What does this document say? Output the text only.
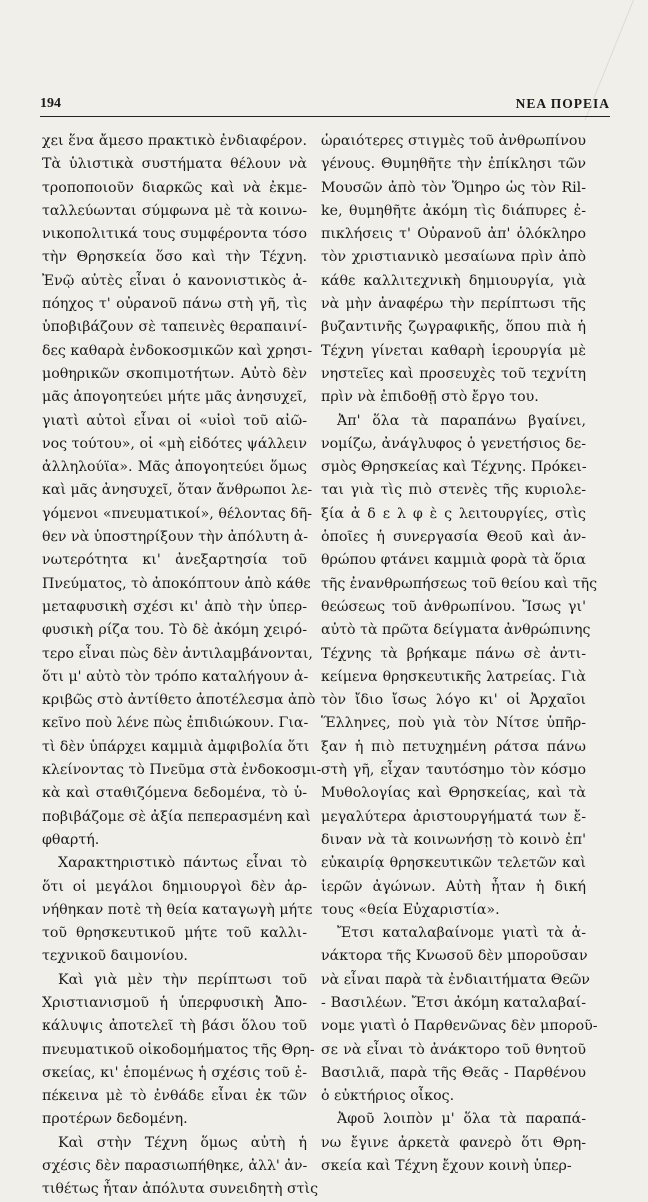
194	ΝΕΑ ΠΟΡΕΙΑ

χει ἕνα ἄμεσο πρακτικὸ ἐνδιαφέρον.
Τὰ ὑλιστικὰ συστήματα θέλουν νὰ
τροποποιοῦν διαρκῶς καὶ νὰ ἐκμε-
ταλλεύωνται σύμφωνα μὲ τὰ κοινω-
νικοπολιτικά τους συμφέροντα τόσο
τὴν Θρησκεία ὅσο καὶ τὴν Τέχνη.
Ἐνῷ αὐτὲς εἶναι ὁ κανονιστικὸς ἀ-
πόηχος τ' οὐρανοῦ πάνω στὴ γῆ, τὶς
ὑποβιβάζουν σὲ ταπεινὲς θεραπαινί-
δες καθαρὰ ἐνδοκοσμικῶν καὶ χρησι-
μοθηρικῶν σκοπιμοτήτων. Αὐτὸ δὲν
μᾶς ἀπογοητεύει μήτε μᾶς ἀνησυχεῖ,
γιατὶ αὐτοὶ εἶναι οἱ «υἱοὶ τοῦ αἰῶ-
νος τούτου», οἱ «μὴ εἰδότες ψάλλειν
ἀλληλούϊα». Μᾶς ἀπογοητεύει ὅμως
καὶ μᾶς ἀνησυχεῖ, ὅταν ἄνθρωποι λε-
γόμενοι «πνευματικοί», θέλοντας δῆ-
θεν νὰ ὑποστηρίξουν τὴν ἀπόλυτη ἀ-
νωτερότητα κι' ἀνεξαρτησία τοῦ
Πνεύματος, τὸ ἀποκόπτουν ἀπὸ κάθε
μεταφυσικὴ σχέσι κι' ἀπὸ τὴν ὑπερ-
φυσικὴ ρίζα του. Τὸ δὲ ἀκόμη χειρό-
τερο εἶναι πὼς δὲν ἀντιλαμβάνονται,
ὅτι μ' αὐτὸ τὸν τρόπο καταλήγουν ἀ-
κριβῶς στὸ ἀντίθετο ἀποτέλεσμα ἀπὸ
κεῖνο ποὺ λένε πὼς ἐπιδιώκουν. Για-
τὶ δὲν ὑπάρχει καμμιὰ ἀμφιβολία ὅτι
κλείνοντας τὸ Πνεῦμα στὰ ἐνδοκοσμι-
κὰ καὶ σταθιζόμενα δεδομένα, τὸ ὑ-
ποβιβάζομε σὲ ἀξία πεπερασμένη καὶ
φθαρτή.

Χαρακτηριστικὸ πάντως εἶναι τὸ
ὅτι οἱ μεγάλοι δημιουργοὶ δὲν ἀρ-
νήθηκαν ποτὲ τὴ θεία καταγωγὴ μήτε
τοῦ θρησκευτικοῦ μήτε τοῦ καλλι-
τεχνικοῦ δαιμονίου.

Καὶ γιὰ μὲν τὴν περίπτωσι τοῦ
Χριστιανισμοῦ ἡ ὑπερφυσικὴ Ἀπο-
κάλυψις ἀποτελεῖ τὴ βάσι ὅλου τοῦ
πνευματικοῦ οἰκοδομήματος τῆς Θρη-
σκείας, κι' ἑπομένως ἡ σχέσις τοῦ ἐ-
πέκεινα μὲ τὸ ἐνθάδε εἶναι ἐκ τῶν
προτέρων δεδομένη.

Καὶ στὴν Τέχνη ὅμως αὐτὴ ἡ
σχέσις δὲν παρασιωπήθηκε, ἀλλ' ἀν-
τιθέτως ἦταν ἀπόλυτα συνειδητὴ στὶς

ὡραιότερες στιγμὲς τοῦ ἀνθρωπίνου
γένους. Θυμηθῆτε τὴν ἐπίκλησι τῶν
Μουσῶν ἀπὸ τὸν Ὅμηρο ὡς τὸν Ril-
ke, θυμηθῆτε ἀκόμη τὶς διάπυρες ἐ-
πικλήσεις τ' Οὐρανοῦ ἀπ' ὁλόκληρο
τὸν χριστιανικὸ μεσαίωνα πρὶν ἀπὸ
κάθε καλλιτεχνικὴ δημιουργία, γιὰ
νὰ μὴν ἀναφέρω τὴν περίπτωσι τῆς
βυζαντινῆς ζωγραφικῆς, ὅπου πιὰ ἡ
Τέχνη γίνεται καθαρὴ ἱερουργία μὲ
νηστεῖες καὶ προσευχὲς τοῦ τεχνίτη
πρὶν νὰ ἐπιδοθῇ στὸ ἔργο του.

Ἀπ' ὅλα τὰ παραπάνω βγαίνει,
νομίζω, ἀνάγλυφος ὁ γενετήσιος δε-
σμὸς Θρησκείας καὶ Τέχνης. Πρόκει-
ται γιὰ τὶς πιὸ στενὲς τῆς κυριολε-
ξία ἀ δ ε λ φ ὲ ς λειτουργίες, στὶς
ὁποῖες ἡ συνεργασία Θεοῦ καὶ ἀν-
θρώπου φτάνει καμμιὰ φορὰ τὰ ὅρια
τῆς ἐνανθρωπήσεως τοῦ θείου καὶ τῆς
θεώσεως τοῦ ἀνθρωπίνου. Ἴσως γι'
αὐτὸ τὰ πρῶτα δείγματα ἀνθρώπινης
Τέχνης τὰ βρήκαμε πάνω σὲ ἀντι-
κείμενα θρησκευτικῆς λατρείας. Γιὰ
τὸν ἴδιο ἴσως λόγο κι' οἱ Ἀρχαῖοι
Ἕλληνες, ποὺ γιὰ τὸν Νίτσε ὑπῆρ-
ξαν ἡ πιὸ πετυχημένη ράτσα πάνω
στὴ γῆ, εἶχαν ταυτόσημο τὸν κόσμο
Μυθολογίας καὶ Θρησκείας, καὶ τὰ
μεγαλύτερα ἀριστουργήματά των ἔ-
διναν νὰ τὰ κοινωνήσῃ τὸ κοινὸ ἐπ'
εὐκαιρίᾳ θρησκευτικῶν τελετῶν καὶ
ἱερῶν ἀγώνων. Αὐτὴ ἦταν ἡ δική
τους «θεία Εὐχαριστία».

Ἔτσι καταλαβαίνομε γιατὶ τὰ ἀ-
νάκτορα τῆς Κνωσοῦ δὲν μποροῦσαν
νὰ εἶναι παρὰ τὰ ἐνδιαιτήματα Θεῶν
- Βασιλέων. Ἔτσι ἀκόμη καταλαβαί-
νομε γιατὶ ὁ Παρθενῶνας δὲν μποροῦ-
σε νὰ εἶναι τὸ ἀνάκτορο τοῦ θνητοῦ
Βασιλιᾶ, παρὰ τῆς Θεᾶς - Παρθένου
ὁ εὐκτήριος οἶκος.

Ἀφοῦ λοιπὸν μ' ὅλα τὰ παραπά-
νω ἔγινε ἀρκετὰ φανερὸ ὅτι Θρη-
σκεία καὶ Τέχνη ἔχουν κοινὴ ὑπερ-
